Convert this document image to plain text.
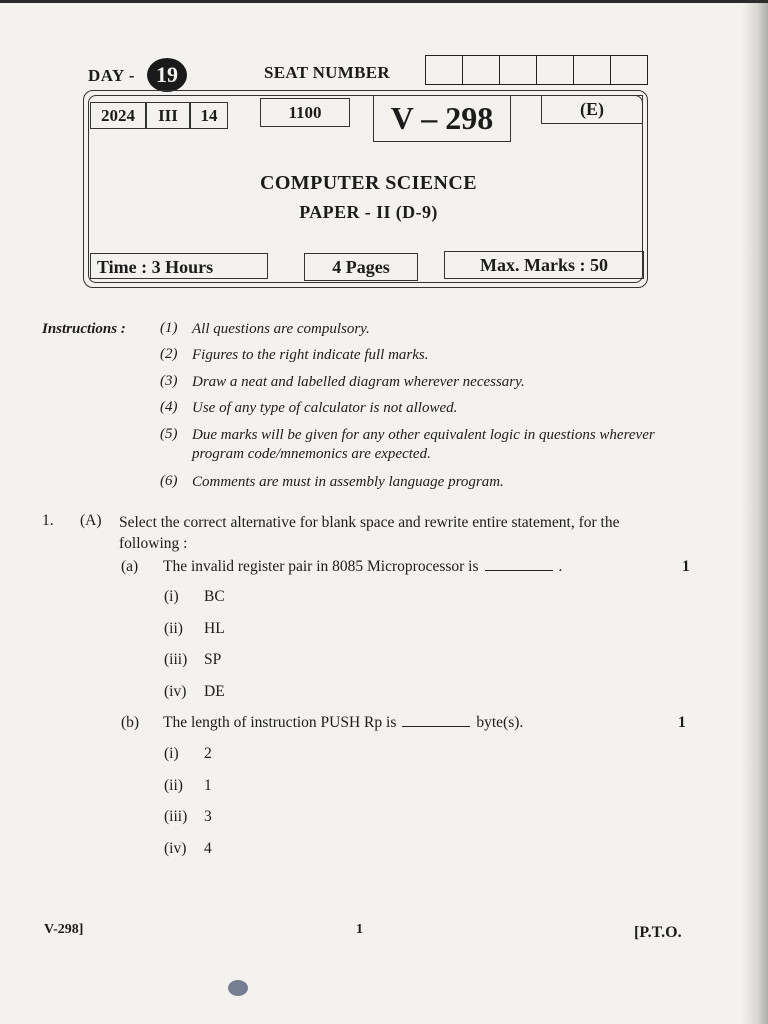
DAY - 19	SEAT NUMBER
2024	III	14	1100	V – 298	(E)
COMPUTER SCIENCE
PAPER - II (D-9)
Time : 3 Hours	4 Pages	Max. Marks : 50
Instructions : (1) All questions are compulsory.
(2) Figures to the right indicate full marks.
(3) Draw a neat and labelled diagram wherever necessary.
(4) Use of any type of calculator is not allowed.
(5) Due marks will be given for any other equivalent logic in questions wherever program code/mnemonics are expected.
(6) Comments are must in assembly language program.
1. (A) Select the correct alternative for blank space and rewrite entire statement, for the following :
(a) The invalid register pair in 8085 Microprocessor is	.	1
(i)	BC
(ii)	HL
(iii)	SP
(iv)	DE
(b) The length of instruction PUSH Rp is	byte(s).	1
(i)	2
(ii)	1
(iii)	3
(iv)	4
V-298]	1	[P.T.O.
